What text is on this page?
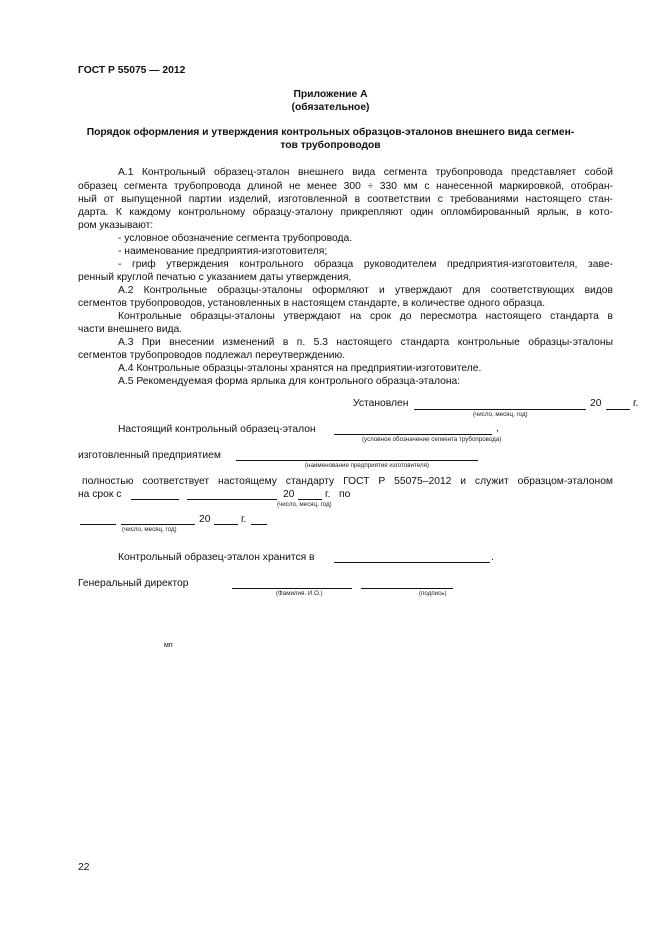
ГОСТ Р 55075 — 2012
Приложение А
(обязательное)
Порядок оформления и утверждения контрольных образцов-эталонов внешнего вида сегмен-
тов трубопроводов
А.1 Контрольный образец-эталон внешнего вида сегмента трубопровода представляет собой
образец сегмента трубопровода длиной не менее 300 ÷ 330 мм с нанесенной маркировкой, отобран-
ный от выпущенной партии изделий, изготовленной в соответствии с требованиями настоящего стан-
дарта. К каждому контрольному образцу-эталону прикрепляют один опломбированный ярлык, в кото-
ром указывают:
- условное обозначение сегмента трубопровода.
- наименование предприятия-изготовителя;
- гриф утверждения контрольного образца руководителем предприятия-изготовителя, заве-
ренный круглой печатью с указанием даты утверждения,
А.2 Контрольные образцы-эталоны оформляют и утверждают для соответствующих видов
сегментов трубопроводов, установленных в настоящем стандарте, в количестве одного образца.
Контрольные образцы-эталоны утверждают на срок до пересмотра настоящего стандарта в
части внешнего вида.
А.3 При внесении изменений в п. 5.3 настоящего стандарта контрольные образцы-эталоны
сегментов трубопроводов подлежал переутверждению.
А.4 Контрольные образцы-эталоны хранятся на предприятии-изготовителе.
А.5 Рекомендуемая форма ярлыка для контрольного образца-эталона:
Установлен	20	г.
(число, месяц, год)
Настоящий контрольный образец-эталон	,
(условное обозначение сегмента трубопровода)
изготовленный предприятием
(наименование предприятия изготовителя)
полностью соответствует настоящему стандарту ГОСТ Р 55075–2012 и служит образцом-эталоном
на срок с	20	г. по
(число, месяц, год)
20	г.
(число, месяц, год)
Контрольный образец-эталон хранится в	.
Генеральный директор
(Фамилия. И.О.)	(подпись)
мп
22
